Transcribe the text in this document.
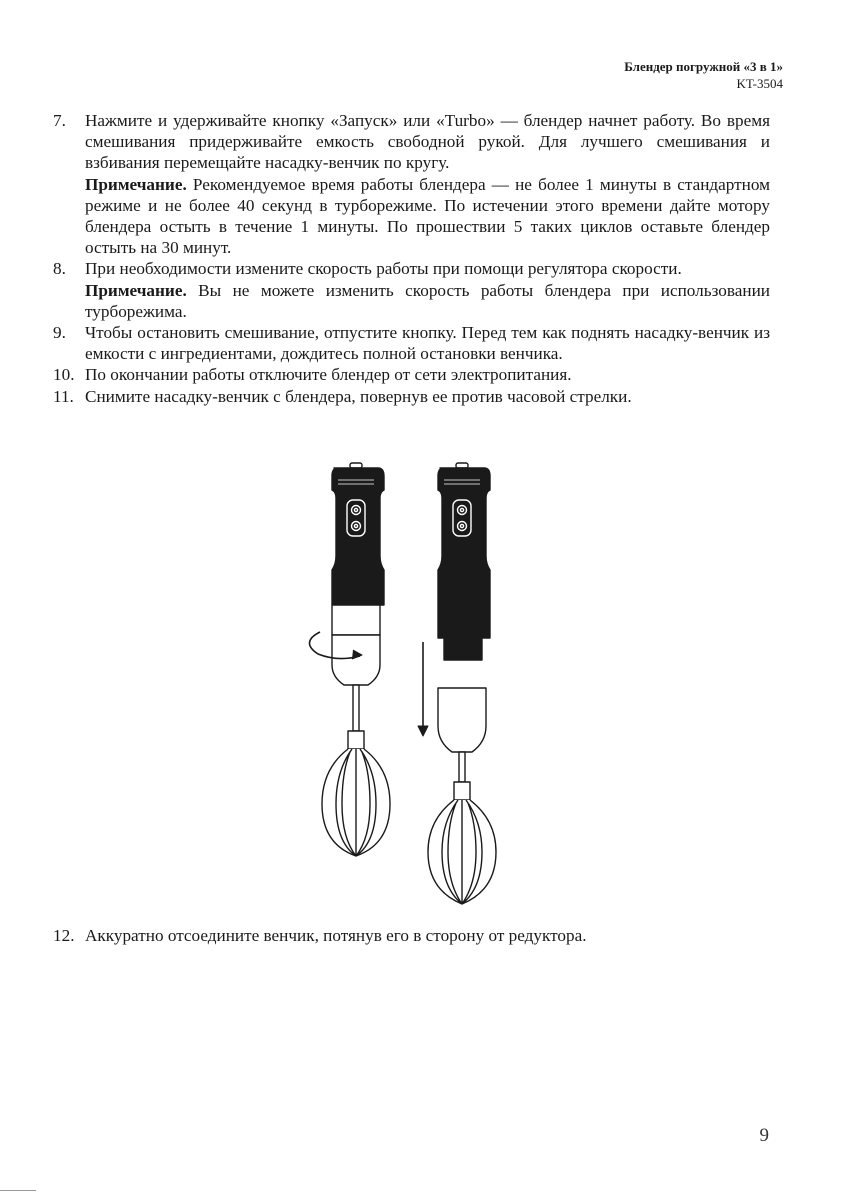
Блендер погружной «3 в 1»
KT-3504
7. Нажмите и удерживайте кнопку «Запуск» или «Turbo» — блендер начнет работу. Во время смешивания придерживайте емкость свободной рукой. Для лучшего смешивания и взбивания перемещайте насадку-венчик по кругу.
Примечание. Рекомендуемое время работы блендера — не более 1 минуты в стандартном режиме и не более 40 секунд в турборежиме. По истечении этого времени дайте мотору блендера остыть в течение 1 минуты. По прошествии 5 таких циклов оставьте блендер остыть на 30 минут.
8. При необходимости измените скорость работы при помощи регулятора скорости.
Примечание. Вы не можете изменить скорость работы блендера при использовании турборежима.
9. Чтобы остановить смешивание, отпустите кнопку. Перед тем как поднять насадку-венчик из емкости с ингредиентами, дождитесь полной остановки венчика.
10. По окончании работы отключите блендер от сети электропитания.
11. Снимите насадку-венчик с блендера, повернув ее против часовой стрелки.
12. Аккуратно отсоедините венчик, потянув его в сторону от редуктора.
9
